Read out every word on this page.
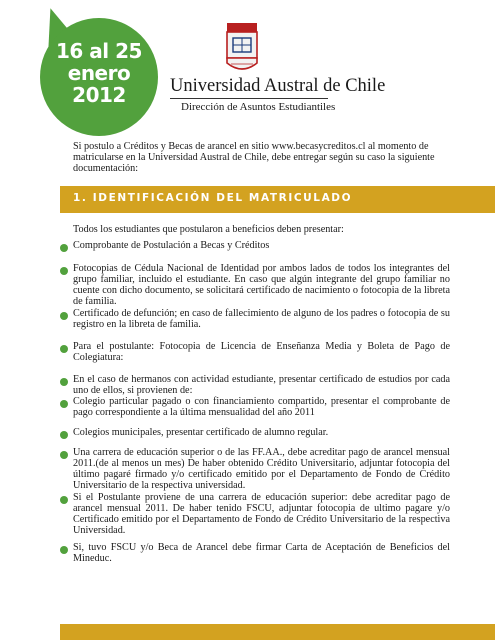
16 al 25
enero
2012	Universidad Austral de Chile
Dirección de Asuntos Estudiantiles

Si postulo a Créditos y Becas de arancel en sitio www.becasycreditos.cl al momento de matricularse en la Universidad Austral de Chile, debe entregar según su caso la siguiente documentación:

1. IDENTIFICACIÓN DEL MATRICULADO
Todos los estudiantes que postularon a beneficios deben presentar:
Comprobante de Postulación a Becas y Créditos
Fotocopias de Cédula Nacional de Identidad por ambos lados de todos los integrantes del grupo familiar, incluido el estudiante. En caso que algún integrante del grupo familiar no cuente con dicho documento, se solicitará certificado de nacimiento o fotocopia de la libreta de familia.
Certificado de defunción; en caso de fallecimiento de alguno de los padres o fotocopia de su registro en la libreta de familia.
Para el postulante: Fotocopia de Licencia de Enseñanza Media y Boleta de Pago de Colegiatura:
En el caso de hermanos con actividad estudiante, presentar certificado de estudios por cada uno de ellos, si provienen de:
Colegio particular pagado o con financiamiento compartido, presentar el comprobante de pago correspondiente a la última mensualidad del año 2011
Colegios municipales, presentar certificado de alumno regular.
Una carrera de educación superior o de las FF.AA., debe acreditar pago de arancel mensual 2011.(de al menos un mes) De haber obtenido Crédito Universitario, adjuntar fotocopia del último pagaré firmado y/o certificado emitido por el Departamento de Fondo de Crédito Universitario de la respectiva universidad.
Si el Postulante proviene de una carrera de educación superior: debe acreditar pago de arancel mensual 2011. De haber tenido FSCU, adjuntar fotocopia de ultimo pagare y/o Certificado emitido por el Departamento de Fondo de Crédito Universitario de la respectiva Universidad.
Si, tuvo FSCU y/o Beca de Arancel debe firmar Carta de Aceptación de Beneficios del Mineduc.
